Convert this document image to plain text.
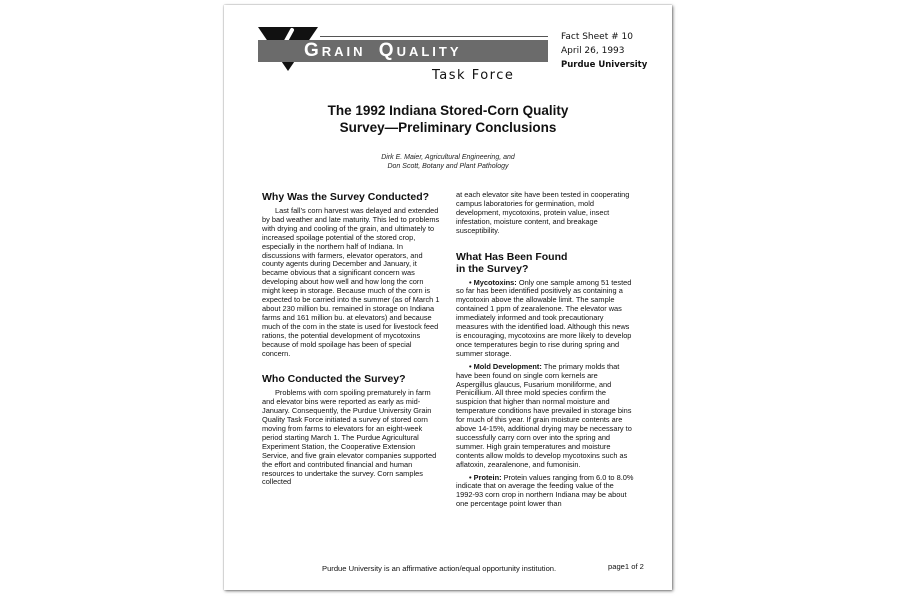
GRAIN QUALITY
Task Force
Fact Sheet # 10
April 26, 1993
Purdue University
The 1992 Indiana Stored-Corn Quality
Survey—Preliminary Conclusions
Dirk E. Maier, Agricultural Engineering, and
Don Scott, Botany and Plant Pathology
Why Was the Survey Conducted?

Last fall’s corn harvest was delayed and extended by bad weather and late maturity. This led to problems with drying and cooling of the grain, and ultimately to increased spoilage potential of the stored crop, especially in the northern half of Indiana. In discussions with farmers, elevator operators, and county agents during December and January, it became obvious that a significant concern was developing about how well and how long the corn might keep in storage. Because much of the corn is expected to be carried into the summer (as of March 1 about 230 million bu. remained in storage on Indiana farms and 161 million bu. at elevators) and because much of the corn in the state is used for livestock feed rations, the potential development of mycotoxins because of mold spoilage has been of special concern.

Who Conducted the Survey?

Problems with corn spoiling prematurely in farm and elevator bins were reported as early as mid-January. Consequently, the Purdue University Grain Quality Task Force initiated a survey of stored corn moving from farms to elevators for an eight-week period starting March 1. The Purdue Agricultural Experiment Station, the Cooperative Extension Service, and five grain elevator companies supported the effort and contributed financial and human resources to undertake the survey. Corn samples collected

at each elevator site have been tested in cooperating campus laboratories for germination, mold development, mycotoxins, protein value, insect infestation, moisture content, and breakage susceptibility.

What Has Been Found
in the Survey?

• Mycotoxins: Only one sample among 51 tested so far has been identified positively as containing a mycotoxin above the allowable limit. The sample contained 1 ppm of zearalenone. The elevator was immediately informed and took precautionary measures with the identified load. Although this news is encouraging, mycotoxins are more likely to develop once temperatures begin to rise during spring and summer storage.

• Mold Development: The primary molds that have been found on single corn kernels are Aspergillus glaucus, Fusarium moniliforme, and Penicillium. All three mold species confirm the suspicion that higher than normal moisture and temperature conditions have prevailed in storage bins for much of this year. If grain moisture contents are above 14-15%, additional drying may be necessary to successfully carry corn over into the spring and summer. High grain temperatures and moisture contents allow molds to develop mycotoxins such as aflatoxin, zearalenone, and fumonisin.

• Protein: Protein values ranging from 6.0 to 8.0% indicate that on average the feeding value of the 1992-93 corn crop in northern Indiana may be about one percentage point lower than

Purdue University is an affirmative action/equal opportunity institution.	page1 of 2
